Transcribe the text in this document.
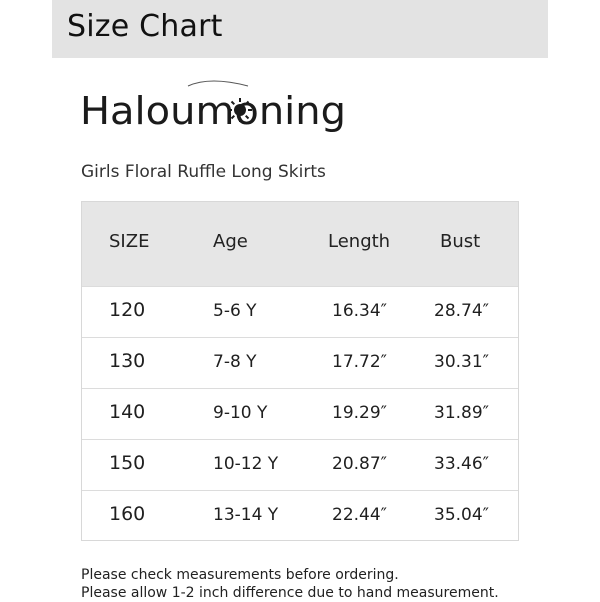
Size Chart
Haloumoning
Girls Floral Ruffle Long Skirts
SIZE	Age	Length	Bust
120	5-6 Y	16.34″	28.74″
130	7-8 Y	17.72″	30.31″
140	9-10 Y	19.29″	31.89″
150	10-12 Y	20.87″	33.46″
160	13-14 Y	22.44″	35.04″
Please check measurements before ordering.
Please allow 1-2 inch difference due to hand measurement.
